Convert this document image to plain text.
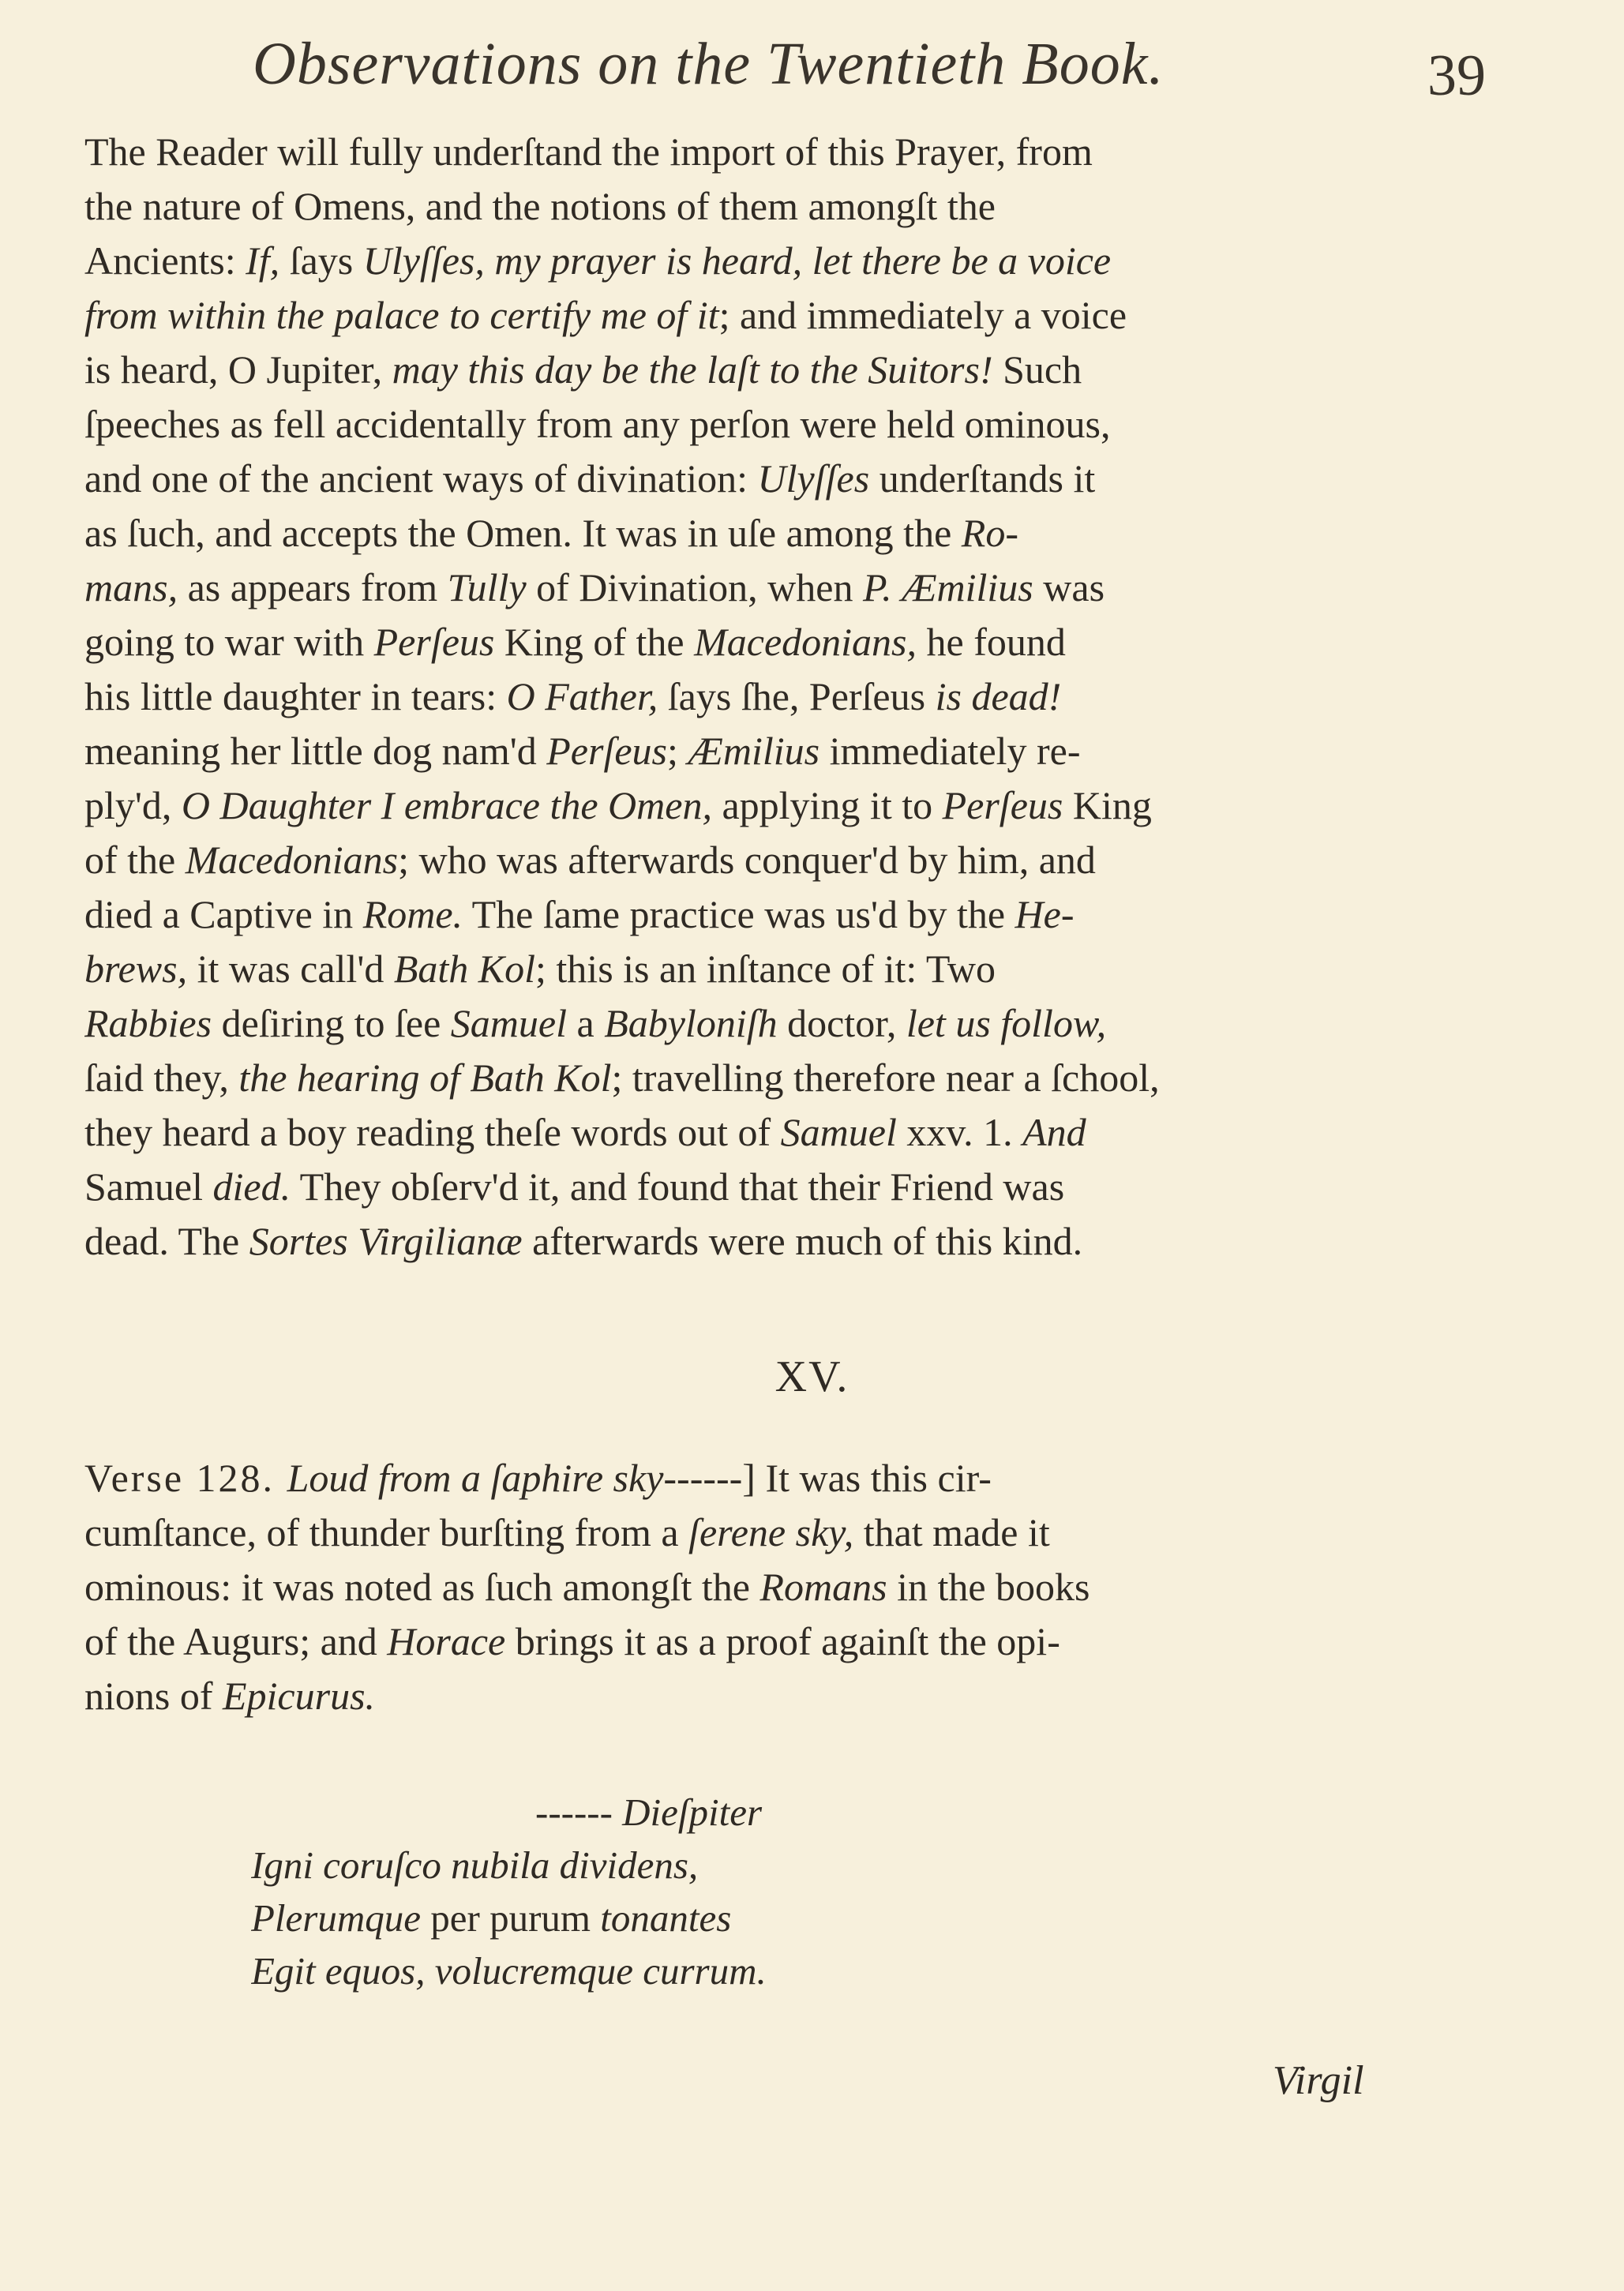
Observations on the Twentieth Book.	39
The Reader will fully underſtand the import of this Prayer, from
the nature of Omens, and the notions of them amongſt the
Ancients: If, ſays Ulyſſes, my prayer is heard, let there be a voice
from within the palace to certify me of it; and immediately a voice
is heard, O Jupiter, may this day be the laſt to the Suitors! Such
ſpeeches as fell accidentally from any perſon were held ominous,
and one of the ancient ways of divination: Ulyſſes underſtands it
as ſuch, and accepts the Omen. It was in uſe among the Ro-
mans, as appears from Tully of Divination, when P. Æmilius was
going to war with Perſeus King of the Macedonians, he found
his little daughter in tears: O Father, ſays ſhe, Perſeus is dead!
meaning her little dog nam'd Perſeus; Æmilius immediately re-
ply'd, O Daughter I embrace the Omen, applying it to Perſeus King
of the Macedonians; who was afterwards conquer'd by him, and
died a Captive in Rome. The ſame practice was us'd by the He-
brews, it was call'd Bath Kol; this is an inſtance of it: Two
Rabbies deſiring to ſee Samuel a Babyloniſh doctor, let us follow,
ſaid they, the hearing of Bath Kol; travelling therefore near a ſchool,
they heard a boy reading theſe words out of Samuel xxv. 1. And
Samuel died. They obſerv'd it, and found that their Friend was
dead. The Sortes Virgilianæ afterwards were much of this kind.
XV.
Verse 128. Loud from a ſaphire sky------] It was this cir-
cumſtance, of thunder burſting from a ſerene sky, that made it
ominous: it was noted as ſuch amongſt the Romans in the books
of the Augurs; and Horace brings it as a proof againſt the opi-
nions of Epicurus.
------ Dieſpiter
Igni coruſco nubila dividens,
Plerumque per purum tonantes
Egit equos, volucremque currum.
Virgil
